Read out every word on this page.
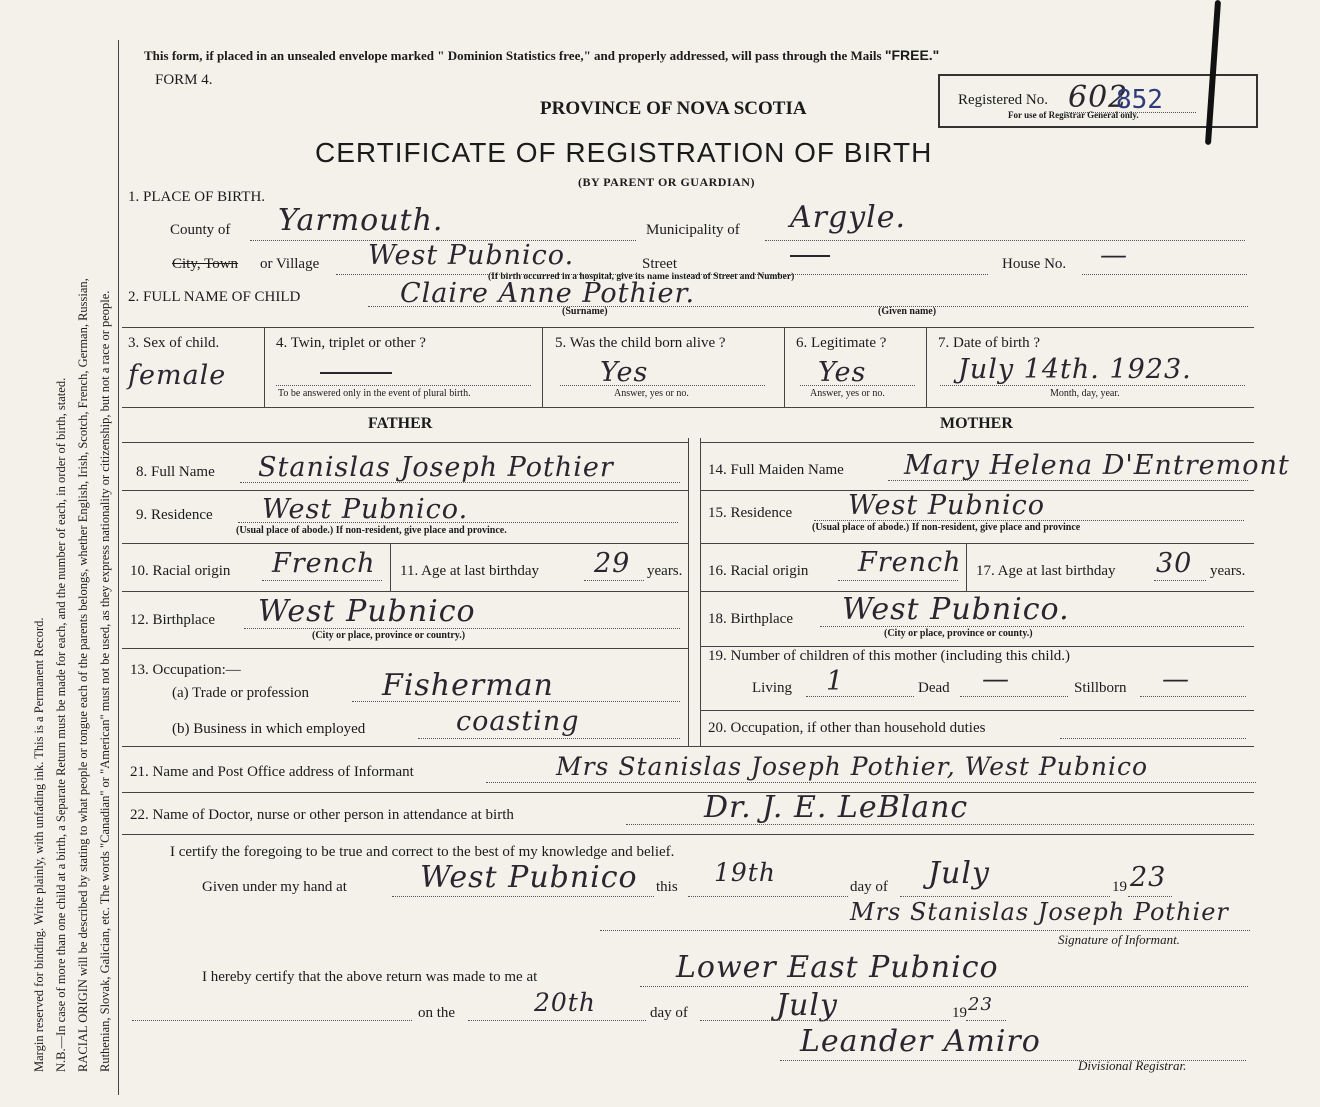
Margin reserved for binding. Write plainly, with unfading ink. This is a Permanent Record. N.B.—In case of more than one child at a birth, a Separate Return must be made for each, and the number of each, in order of birth, stated. RACIAL ORIGIN will be described by stating to what people or tongue each of the parents belongs, whether English, Irish, Scotch, French, German, Russian, Ruthenian, Slovak, Galician, etc. The words "Canadian" or "American" must not be used, as they express nationality or citizenship, but not a race or people.
This form, if placed in an unsealed envelope marked " Dominion Statistics free," and properly addressed, will pass through the Mails "FREE."
FORM 4.
PROVINCE OF NOVA SCOTIA
CERTIFICATE OF REGISTRATION OF BIRTH
(BY PARENT OR GUARDIAN)
Registered No. 602
852
For use of Registrar General only.
1. PLACE OF BIRTH.
County of Yarmouth.	Municipality of Argyle.
City, Town or Village West Pubnico.	Street
(If birth occurred in a hospital, give its name instead of Street and Number)
House No. —
2. FULL NAME OF CHILD	Claire Anne Pothier.
(Surname)	(Given name)
3. Sex of child.
female
4. Twin, triplet or other ?
To be answered only in the event of plural birth.
5. Was the child born alive ?
Yes
Answer, yes or no.
6. Legitimate ?
Yes
Answer, yes or no.
7. Date of birth ?
July 14th. 1923.
Month, day, year.
FATHER	MOTHER
8. Full Name Stanislas Joseph Pothier
9. Residence West Pubnico.
(Usual place of abode.) If non-resident, give place and province.
10. Racial origin French 11. Age at last birthday 29 years.
12. Birthplace West Pubnico
(City or place, province or country.)
13. Occupation:—
(a) Trade or profession Fisherman
(b) Business in which employed	coasting
14. Full Maiden Name Mary Helena D'Entremont
15. Residence West Pubnico
(Usual place of abode.) If non-resident, give place and province
16. Racial origin French 17. Age at last birthday 30 years.
18. Birthplace West Pubnico.
(City or place, province or county.)
19. Number of children of this mother (including this child.)
Living 1	Dead —	Stillborn —
20. Occupation, if other than household duties
21. Name and Post Office address of Informant	Mrs Stanislas Joseph Pothier, West Pubnico
22. Name of Doctor, nurse or other person in attendance at birth	Dr. J. E. LeBlanc
I certify the foregoing to be true and correct to the best of my knowledge and belief.
Given under my hand at West Pubnico this 19th	day of July	19 23
Mrs Stanislas Joseph Pothier
Signature of Informant.
I hereby certify that the above return was made to me at	Lower East Pubnico
on the	20th	day of	July	19 23
Leander Amiro
Divisional Registrar.
